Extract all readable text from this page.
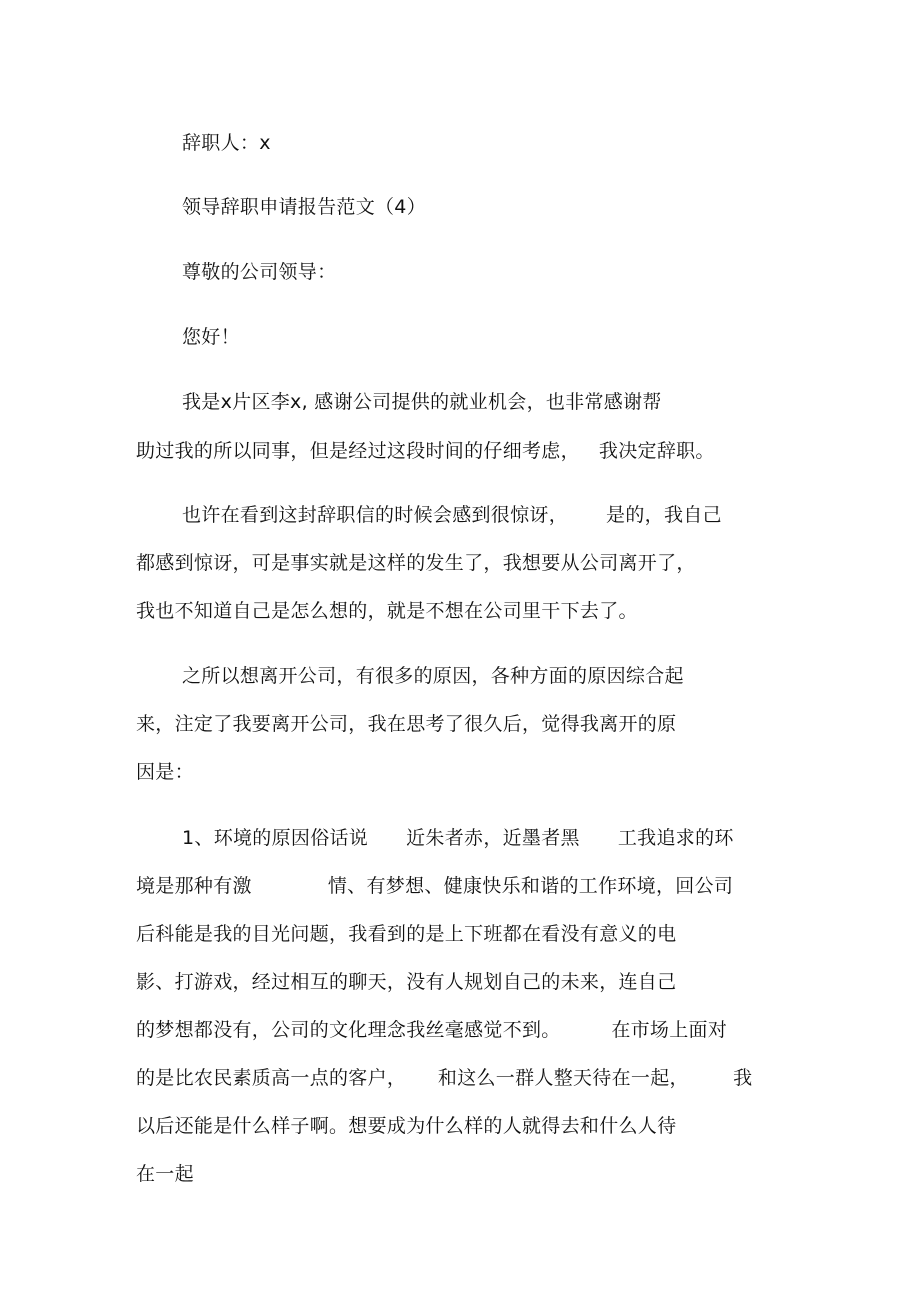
辞职人：x
领导辞职申请报告范文（4）
尊敬的公司领导：
您好！
我是x片区李x, 感谢公司提供的就业机会，也非常感谢帮
助过我的所以同事，但是经过这段时间的仔细考虑，   我决定辞职。
也许在看到这封辞职信的时候会感到很惊讶，      是的，我自己
都感到惊讶，可是事实就是这样的发生了，我想要从公司离开了，
我也不知道自己是怎么想的，就是不想在公司里干下去了。
之所以想离开公司，有很多的原因，各种方面的原因综合起
来，注定了我要离开公司，我在思考了很久后，觉得我离开的原
因是：
1、环境的原因俗话说      近朱者赤，近墨者黑      工我追求的环
境是那种有激            情、有梦想、健康快乐和谐的工作环境，回公司
后科能是我的目光问题，我看到的是上下班都在看没有意义的电
影、打游戏，经过相互的聊天，没有人规划自己的未来，连自己
的梦想都没有，公司的文化理念我丝毫感觉不到。        在市场上面对
的是比农民素质高一点的客户，     和这么一群人整天待在一起，       我
以后还能是什么样子啊。想要成为什么样的人就得去和什么人待
在一起
